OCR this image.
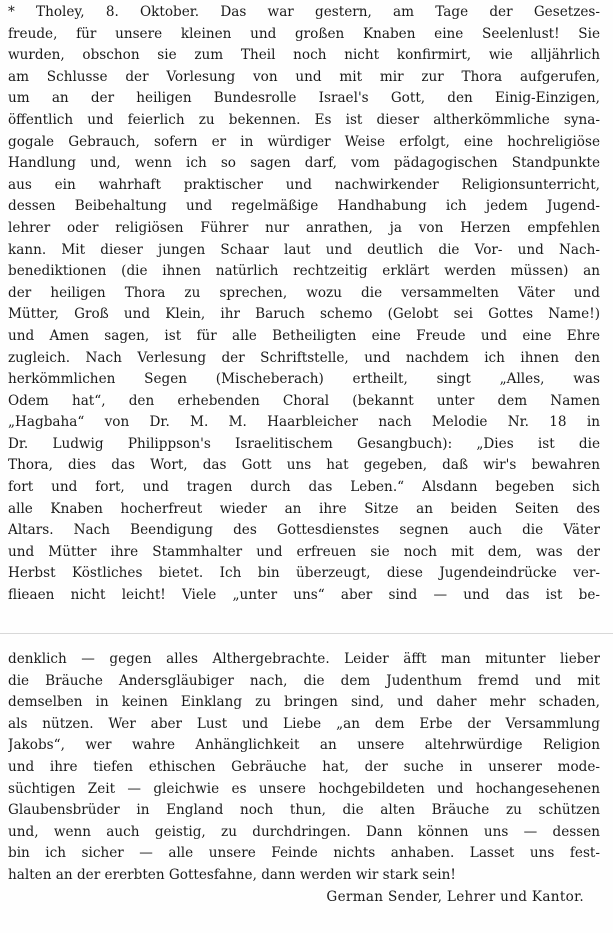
* Tholey, 8. Oktober. Das war gestern, am Tage der Gesetzes-
freude, für unsere kleinen und großen Knaben eine Seelenlust! Sie
wurden, obschon sie zum Theil noch nicht konfirmirt, wie alljährlich
am Schlusse der Vorlesung von und mit mir zur Thora aufgerufen,
um an der heiligen Bundesrolle Israel's Gott, den Einig-Einzigen,
öffentlich und feierlich zu bekennen. Es ist dieser altherkömmliche syna-
gogale Gebrauch, sofern er in würdiger Weise erfolgt, eine hochreligiöse
Handlung und, wenn ich so sagen darf, vom pädagogischen Standpunkte
aus ein wahrhaft praktischer und nachwirkender Religionsunterricht,
dessen Beibehaltung und regelmäßige Handhabung ich jedem Jugend-
lehrer oder religiösen Führer nur anrathen, ja von Herzen empfehlen
kann. Mit dieser jungen Schaar laut und deutlich die Vor- und Nach-
benediktionen (die ihnen natürlich rechtzeitig erklärt werden müssen) an
der heiligen Thora zu sprechen, wozu die versammelten Väter und
Mütter, Groß und Klein, ihr Baruch schemo (Gelobt sei Gottes Name!)
und Amen sagen, ist für alle Betheiligten eine Freude und eine Ehre
zugleich. Nach Verlesung der Schriftstelle, und nachdem ich ihnen den
herkömmlichen Segen (Mischeberach) ertheilt, singt „Alles, was
Odem hat“, den erhebenden Choral (bekannt unter dem Namen
„Hagbaha“ von Dr. M. M. Haarbleicher nach Melodie Nr. 18 in
Dr. Ludwig Philippson's Israelitischem Gesangbuch): „Dies ist die
Thora, dies das Wort, das Gott uns hat gegeben, daß wir's bewahren
fort und fort, und tragen durch das Leben.“ Alsdann begeben sich
alle Knaben hocherfreut wieder an ihre Sitze an beiden Seiten des
Altars. Nach Beendigung des Gottesdienstes segnen auch die Väter
und Mütter ihre Stammhalter und erfreuen sie noch mit dem, was der
Herbst Köstliches bietet. Ich bin überzeugt, diese Jugendeindrücke ver-
flieaen nicht leicht! Viele „unter uns“ aber sind — und das ist be-
denklich — gegen alles Althergebrachte. Leider äfft man mitunter lieber
die Bräuche Andersgläubiger nach, die dem Judenthum fremd und mit
demselben in keinen Einklang zu bringen sind, und daher mehr schaden,
als nützen. Wer aber Lust und Liebe „an dem Erbe der Versammlung
Jakobs“, wer wahre Anhänglichkeit an unsere altehrwürdige Religion
und ihre tiefen ethischen Gebräuche hat, der suche in unserer mode-
süchtigen Zeit — gleichwie es unsere hochgebildeten und hochangesehenen
Glaubensbrüder in England noch thun, die alten Bräuche zu schützen
und, wenn auch geistig, zu durchdringen. Dann können uns — dessen
bin ich sicher — alle unsere Feinde nichts anhaben. Lasset uns fest-
halten an der ererbten Gottesfahne, dann werden wir stark sein!
German Sender, Lehrer und Kantor.
